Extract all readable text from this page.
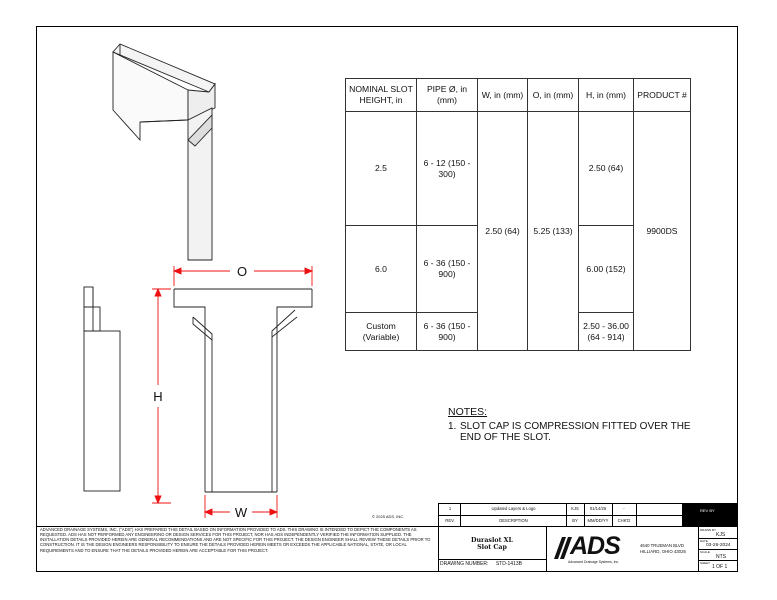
O
H
W
NOMINAL SLOT HEIGHT, in	PIPE Ø, in (mm)	W, in (mm)	O, in (mm)	H, in (mm)	PRODUCT #
2.5	6 - 12 (150 - 300)	2.50 (64)	5.25 (133)	2.50 (64)	9900DS
6.0	6 - 36 (150 - 900)			6.00 (152)	
Custom (Variable)	6 - 36 (150 - 900)			2.50 - 36.00 (64 - 914)	
NOTES:
1. SLOT CAP IS COMPRESSION FITTED OVER THE END OF THE SLOT.
© 2025 ADS, INC.
ADVANCED DRAINAGE SYSTEMS, INC. ("ADS") HAS PREPARED THIS DETAIL BASED ON INFORMATION PROVIDED TO ADS. THIS DRAWING IS INTENDED TO DEPICT THE COMPONENTS AS REQUESTED. ADS HAS NOT PERFORMED ANY ENGINEERING OR DESIGN SERVICES FOR THIS PROJECT, NOR HAS ADS INDEPENDENTLY VERIFIED THE INFORMATION SUPPLIED. THE INSTALLATION DETAILS PROVIDED HEREIN ARE GENERAL RECOMMENDATIONS AND ARE NOT SPECIFIC FOR THIS PROJECT. THE DESIGN ENGINEER SHALL REVIEW THESE DETAILS PRIOR TO CONSTRUCTION. IT IS THE DESIGN ENGINEERS RESPONSIBILITY TO ENSURE THE DETAILS PROVIDED HEREIN MEETS OR EXCEEDS THE APPLICABLE NATIONAL, STATE, OR LOCAL REQUIREMENTS AND TO ENSURE THAT THE DETAILS PROVIDED HEREIN ARE ACCEPTABLE FOR THIS PROJECT.
1	Updated Layers & Logo	KJS	01/14/25	-
REV.	DESCRIPTION	BY	MM/DD/YY	CHK'D
Duraslot XL
Slot Cap
DRAWING NUMBER: STD-1413B
ADS
Advanced Drainage Systems, Inc.
4640 TRUEMAN BLVD
HILLIARD, OHIO 43026
REV BY
DRAWN BY
KJS
DATE
03-26-2024
SCALE
NTS
SHEET
1 OF 1
